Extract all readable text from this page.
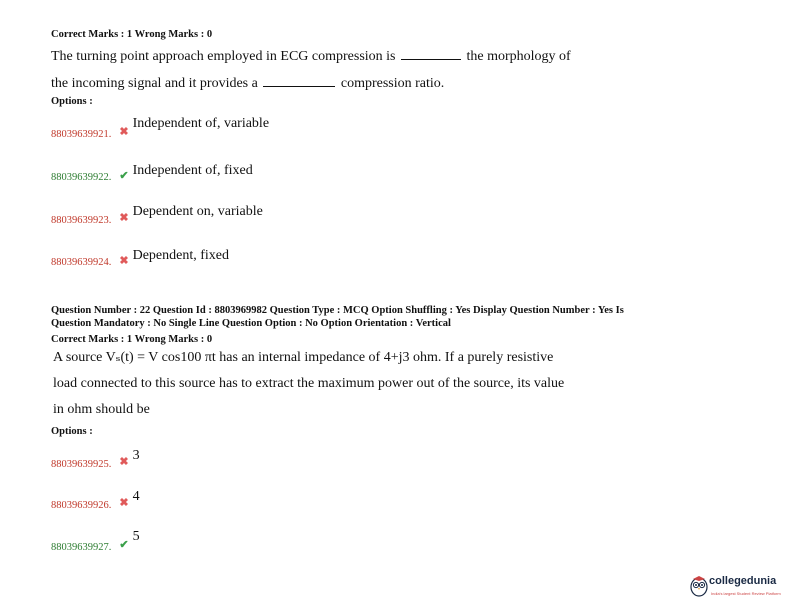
Correct Marks : 1 Wrong Marks : 0
The turning point approach employed in ECG compression is	the morphology of
the incoming signal and it provides a	compression ratio.
Options :
$_{88039639921.}$ ✖ Independent of, variable
$_{88039639922.}$ ✔ Independent of, fixed
$_{88039639923.}$ ✖ Dependent on, variable
$_{88039639924.}$ ✖ Dependent, fixed
Question Number : 22 Question Id : 8803969982 Question Type : MCQ Option Shuffling : Yes Display Question Number : Yes Is
Question Mandatory : No Single Line Question Option : No Option Orientation : Vertical
Correct Marks : 1 Wrong Marks : 0
A source Vₛ(t) = V cos100 πt has an internal impedance of 4+j3 ohm. If a purely resistive
load connected to this source has to extract the maximum power out of the source, its value
in ohm should be
Options :
$_{88039639925.}$ ✖ 3
$_{88039639926.}$ ✖ 4
$_{88039639927.}$ ✔ 5
collegedunia
India's largest Student Review Platform
